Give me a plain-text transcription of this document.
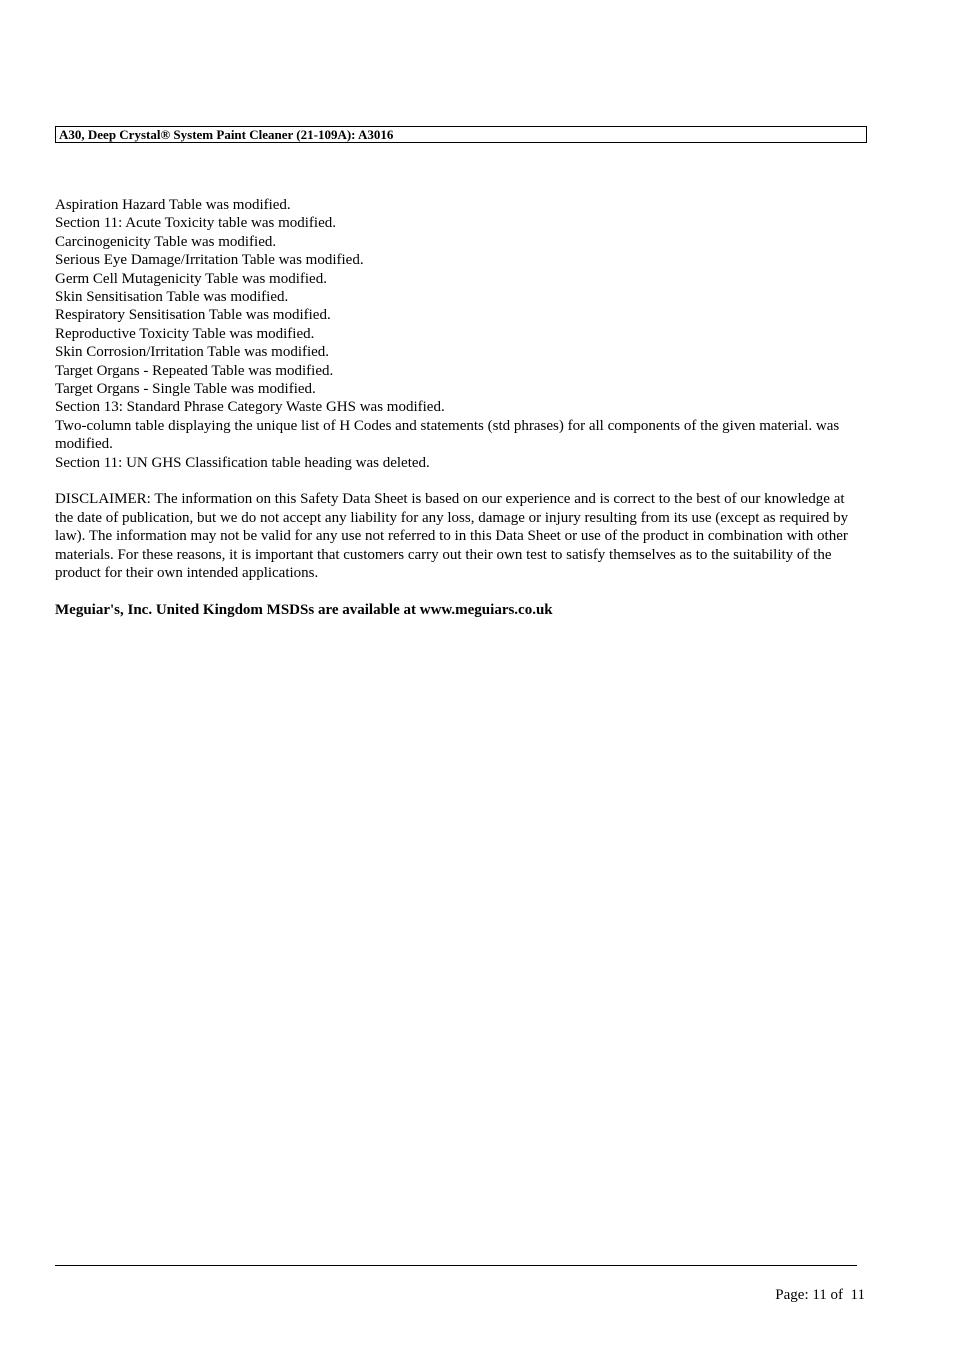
A30, Deep Crystal® System Paint Cleaner (21-109A): A3016
Aspiration Hazard Table was modified.
Section 11: Acute Toxicity table was modified.
Carcinogenicity Table was modified.
Serious Eye Damage/Irritation Table was modified.
Germ Cell Mutagenicity Table was modified.
Skin Sensitisation Table was modified.
Respiratory Sensitisation Table was modified.
Reproductive Toxicity Table was modified.
Skin Corrosion/Irritation Table was modified.
Target Organs - Repeated Table was modified.
Target Organs - Single Table was modified.
Section 13: Standard Phrase Category Waste GHS was modified.
Two-column table displaying the unique list of H Codes and statements (std phrases) for all components of the given material. was modified.
Section 11: UN GHS Classification table heading was deleted.
DISCLAIMER: The information on this Safety Data Sheet is based on our experience and is correct to the best of our knowledge at the date of publication, but we do not accept any liability for any loss, damage or injury resulting from its use (except as required by law). The information may not be valid for any use not referred to in this Data Sheet or use of the product in combination with other materials. For these reasons, it is important that customers carry out their own test to satisfy themselves as to the suitability of the product for their own intended applications.
Meguiar's, Inc. United Kingdom MSDSs are available at www.meguiars.co.uk
Page: 11 of  11
